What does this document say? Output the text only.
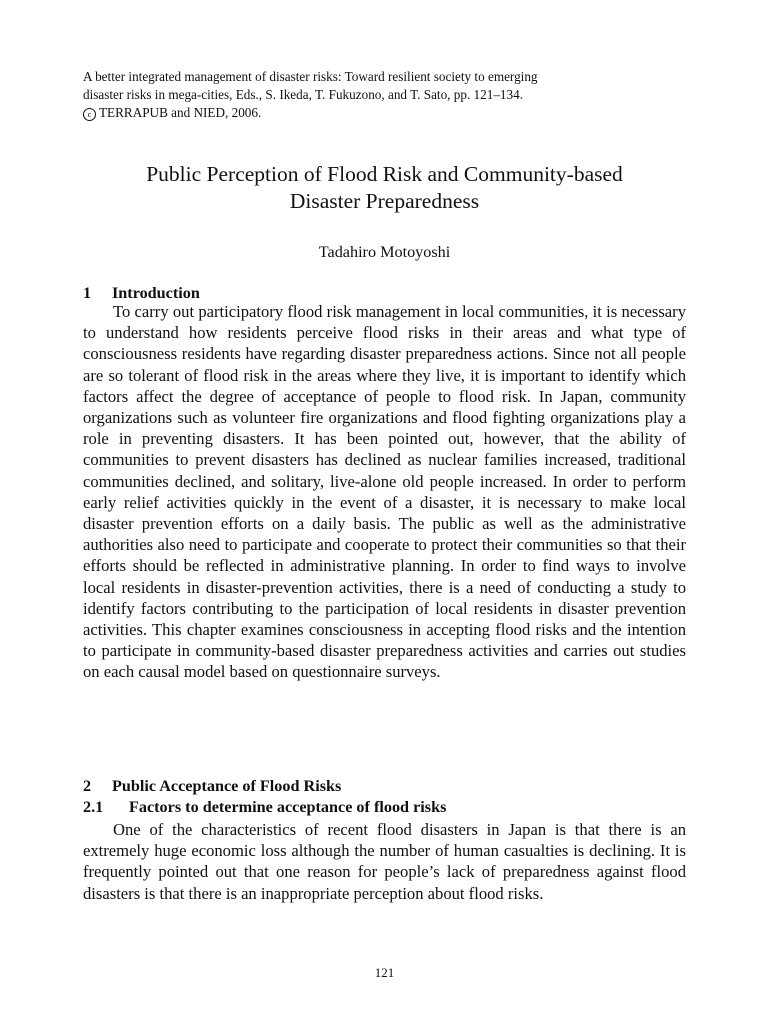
A better integrated management of disaster risks: Toward resilient society to emerging
disaster risks in mega-cities, Eds., S. Ikeda, T. Fukuzono, and T. Sato, pp. 121–134.
c TERRAPUB and NIED, 2006.
Public Perception of Flood Risk and Community-based
Disaster Preparedness
Tadahiro Motoyoshi
1 Introduction

To carry out participatory flood risk management in local communities, it is necessary to understand how residents perceive flood risks in their areas and what type of consciousness residents have regarding disaster preparedness actions. Since not all people are so tolerant of flood risk in the areas where they live, it is important to identify which factors affect the degree of acceptance of people to flood risk. In Japan, community organizations such as volunteer fire organizations and flood fighting organizations play a role in preventing disasters. It has been pointed out, however, that the ability of communities to prevent disasters has declined as nuclear families increased, traditional communities declined, and solitary, live-alone old people increased. In order to perform early relief activities quickly in the event of a disaster, it is necessary to make local disaster prevention efforts on a daily basis. The public as well as the administrative authorities also need to participate and cooperate to protect their communities so that their efforts should be reflected in administrative planning. In order to find ways to involve local residents in disaster-prevention activities, there is a need of conducting a study to identify factors contributing to the participation of local residents in disaster prevention activities. This chapter examines consciousness in accepting flood risks and the intention to participate in community-based disaster preparedness activities and carries out studies on each causal model based on questionnaire surveys.

2 Public Acceptance of Flood Risks
2.1 Factors to determine acceptance of flood risks

One of the characteristics of recent flood disasters in Japan is that there is an extremely huge economic loss although the number of human casualties is declining. It is frequently pointed out that one reason for people’s lack of preparedness against flood disasters is that there is an inappropriate perception about flood risks.

121
